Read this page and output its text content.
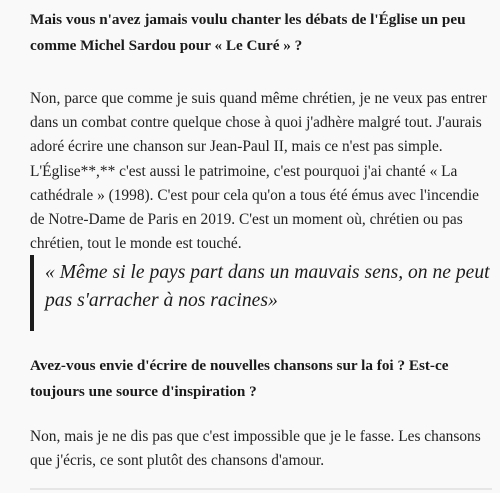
Mais vous n'avez jamais voulu chanter les débats de l'Église un peu comme Michel Sardou pour « Le Curé » ?

Non, parce que comme je suis quand même chrétien, je ne veux pas entrer dans un combat contre quelque chose à quoi j'adhère malgré tout. J'aurais adoré écrire une chanson sur Jean-Paul II, mais ce n'est pas simple. L'Église**,** c'est aussi le patrimoine, c'est pourquoi j'ai chanté « La cathédrale » (1998). C'est pour cela qu'on a tous été émus avec l'incendie de Notre-Dame de Paris en 2019. C'est un moment où, chrétien ou pas chrétien, tout le monde est touché.

« Même si le pays part dans un mauvais sens, on ne peut pas s'arracher à nos racines»

Avez-vous envie d'écrire de nouvelles chansons sur la foi ? Est-ce toujours une source d'inspiration ?

Non, mais je ne dis pas que c'est impossible que je le fasse. Les chansons que j'écris, ce sont plutôt des chansons d'amour.
